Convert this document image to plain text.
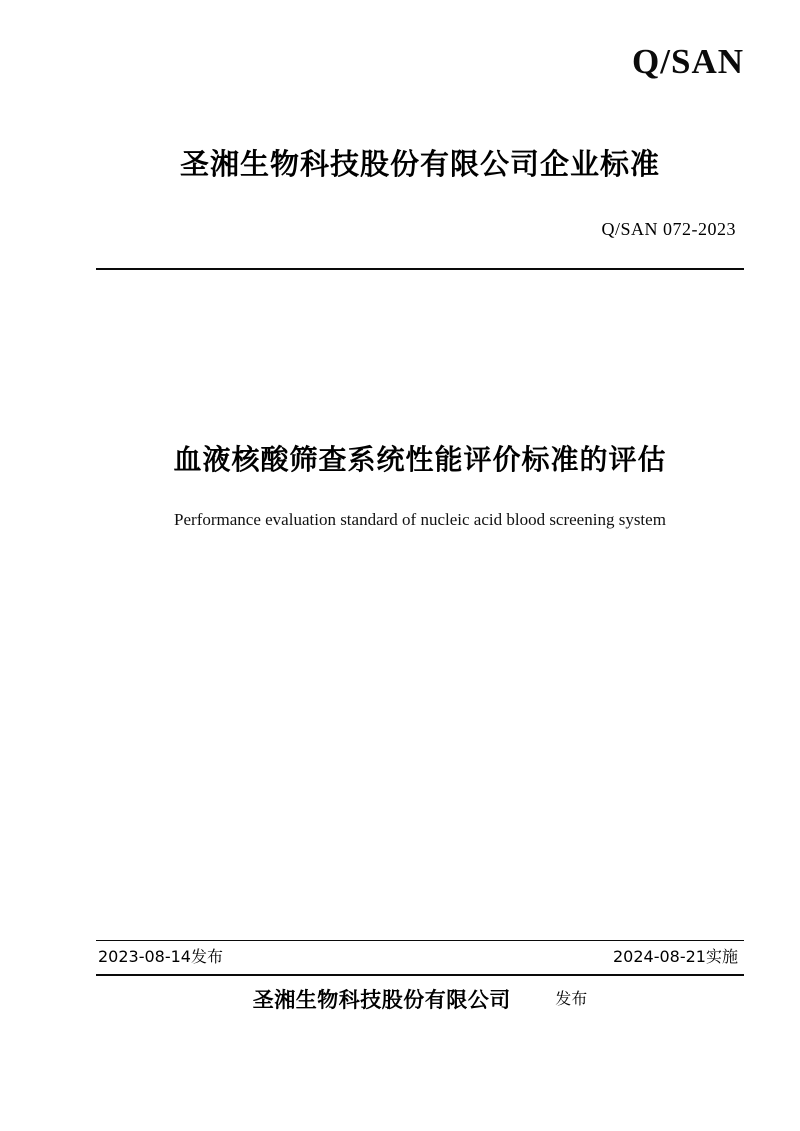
Q/SAN
圣湘生物科技股份有限公司企业标准
Q/SAN 072-2023
血液核酸筛查系统性能评价标准的评估
Performance evaluation standard of nucleic acid blood screening system
2023-08-14发布	2024-08-21实施
圣湘生物科技股份有限公司	发布
